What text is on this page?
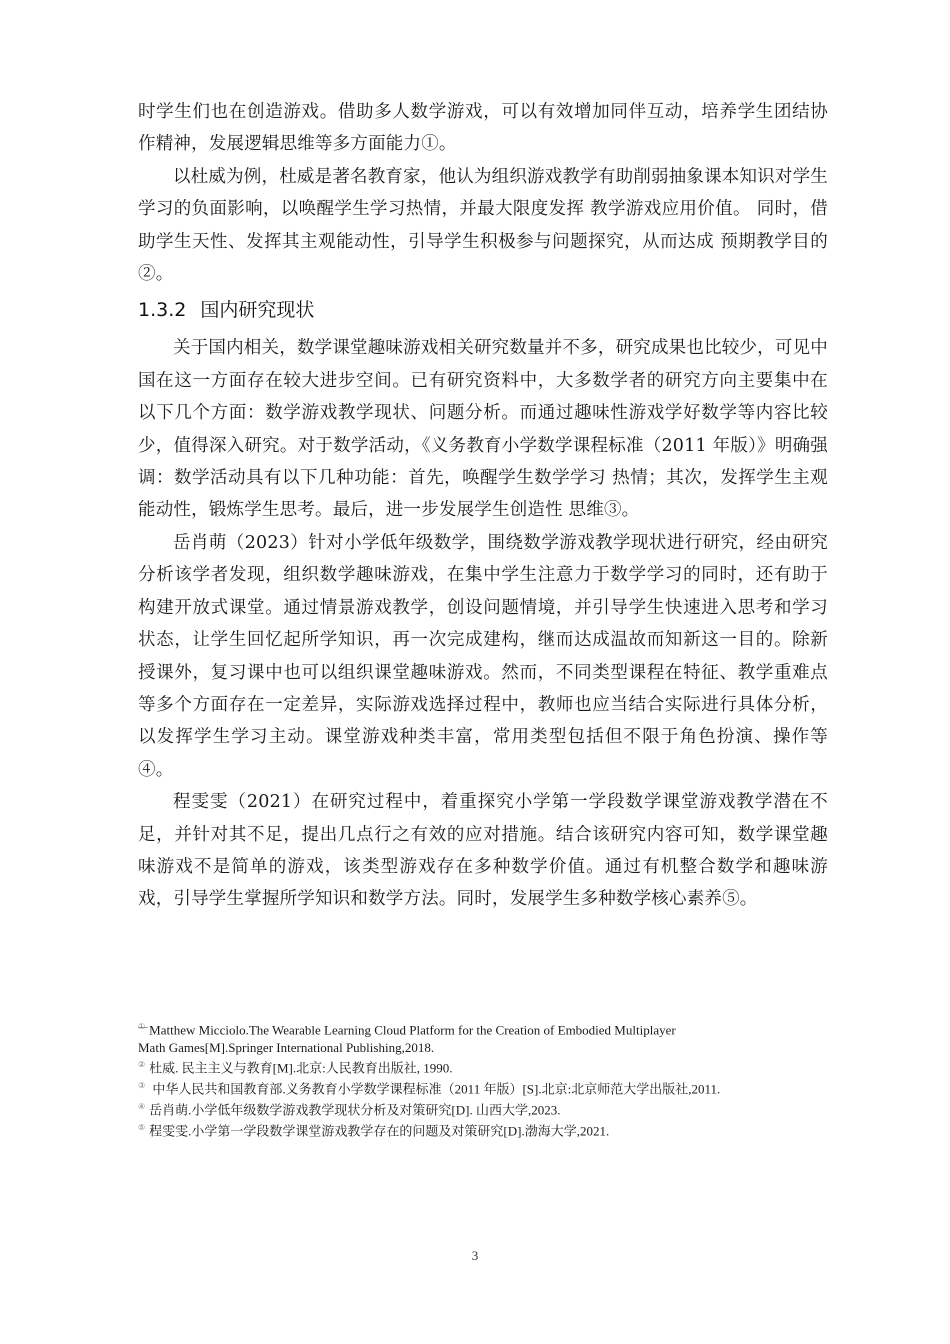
时学生们也在创造游戏。借助多人数学游戏，可以有效增加同伴互动，培养学生团结协作精神，发展逻辑思维等多方面能力①。

以杜威为例，杜威是著名教育家，他认为组织游戏教学有助削弱抽象课本知识对学生学习的负面影响，以唤醒学生学习热情，并最大限度发挥 教学游戏应用价值。 同时，借助学生天性、发挥其主观能动性，引导学生积极参与问题探究，从而达成 预期教学目的②。

1.3.2 国内研究现状

关于国内相关，数学课堂趣味游戏相关研究数量并不多，研究成果也比较少，可见中国在这一方面存在较大进步空间。已有研究资料中，大多数学者的研究方向主要集中在以下几个方面：数学游戏教学现状、问题分析。而通过趣味性游戏学好数学等内容比较少，值得深入研究。对于数学活动，《义务教育小学数学课程标准（2011 年版）》明确强调：数学活动具有以下几种功能：首先，唤醒学生数学学习 热情；其次，发挥学生主观能动性，锻炼学生思考。最后，进一步发展学生创造性 思维③。

岳肖萌（2023）针对小学低年级数学，围绕数学游戏教学现状进行研究，经由研究分析该学者发现，组织数学趣味游戏，在集中学生注意力于数学学习的同时，还有助于构建开放式课堂。通过情景游戏教学，创设问题情境，并引导学生快速进入思考和学习状态，让学生回忆起所学知识，再一次完成建构，继而达成温故而知新这一目的。除新授课外，复习课中也可以组织课堂趣味游戏。然而，不同类型课程在特征、教学重难点等多个方面存在一定差异，实际游戏选择过程中，教师也应当结合实际进行具体分析，以发挥学生学习主动。课堂游戏种类丰富，常用类型包括但不限于角色扮演、操作等④。

程雯雯（2021）在研究过程中，着重探究小学第一学段数学课堂游戏教学潜在不足，并针对其不足，提出几点行之有效的应对措施。结合该研究内容可知，数学课堂趣味游戏不是简单的游戏，该类型游戏存在多种数学价值。通过有机整合数学和趣味游戏，引导学生掌握所学知识和数学方法。同时，发展学生多种数学核心素养⑤。

① Matthew Micciolo.The Wearable Learning Cloud Platform for the Creation of Embodied Multiplayer
Math Games[M].Springer International Publishing,2018.

② 杜威. 民主主义与教育[M].北京:人民教育出版社, 1990.

③ 中华人民共和国教育部.义务教育小学数学课程标准（2011 年版）[S].北京:北京师范大学出版社,2011.

④ 岳肖萌.小学低年级数学游戏教学现状分析及对策研究[D]. 山西大学,2023.

⑤ 程雯雯.小学第一学段数学课堂游戏教学存在的问题及对策研究[D].渤海大学,2021.

3
